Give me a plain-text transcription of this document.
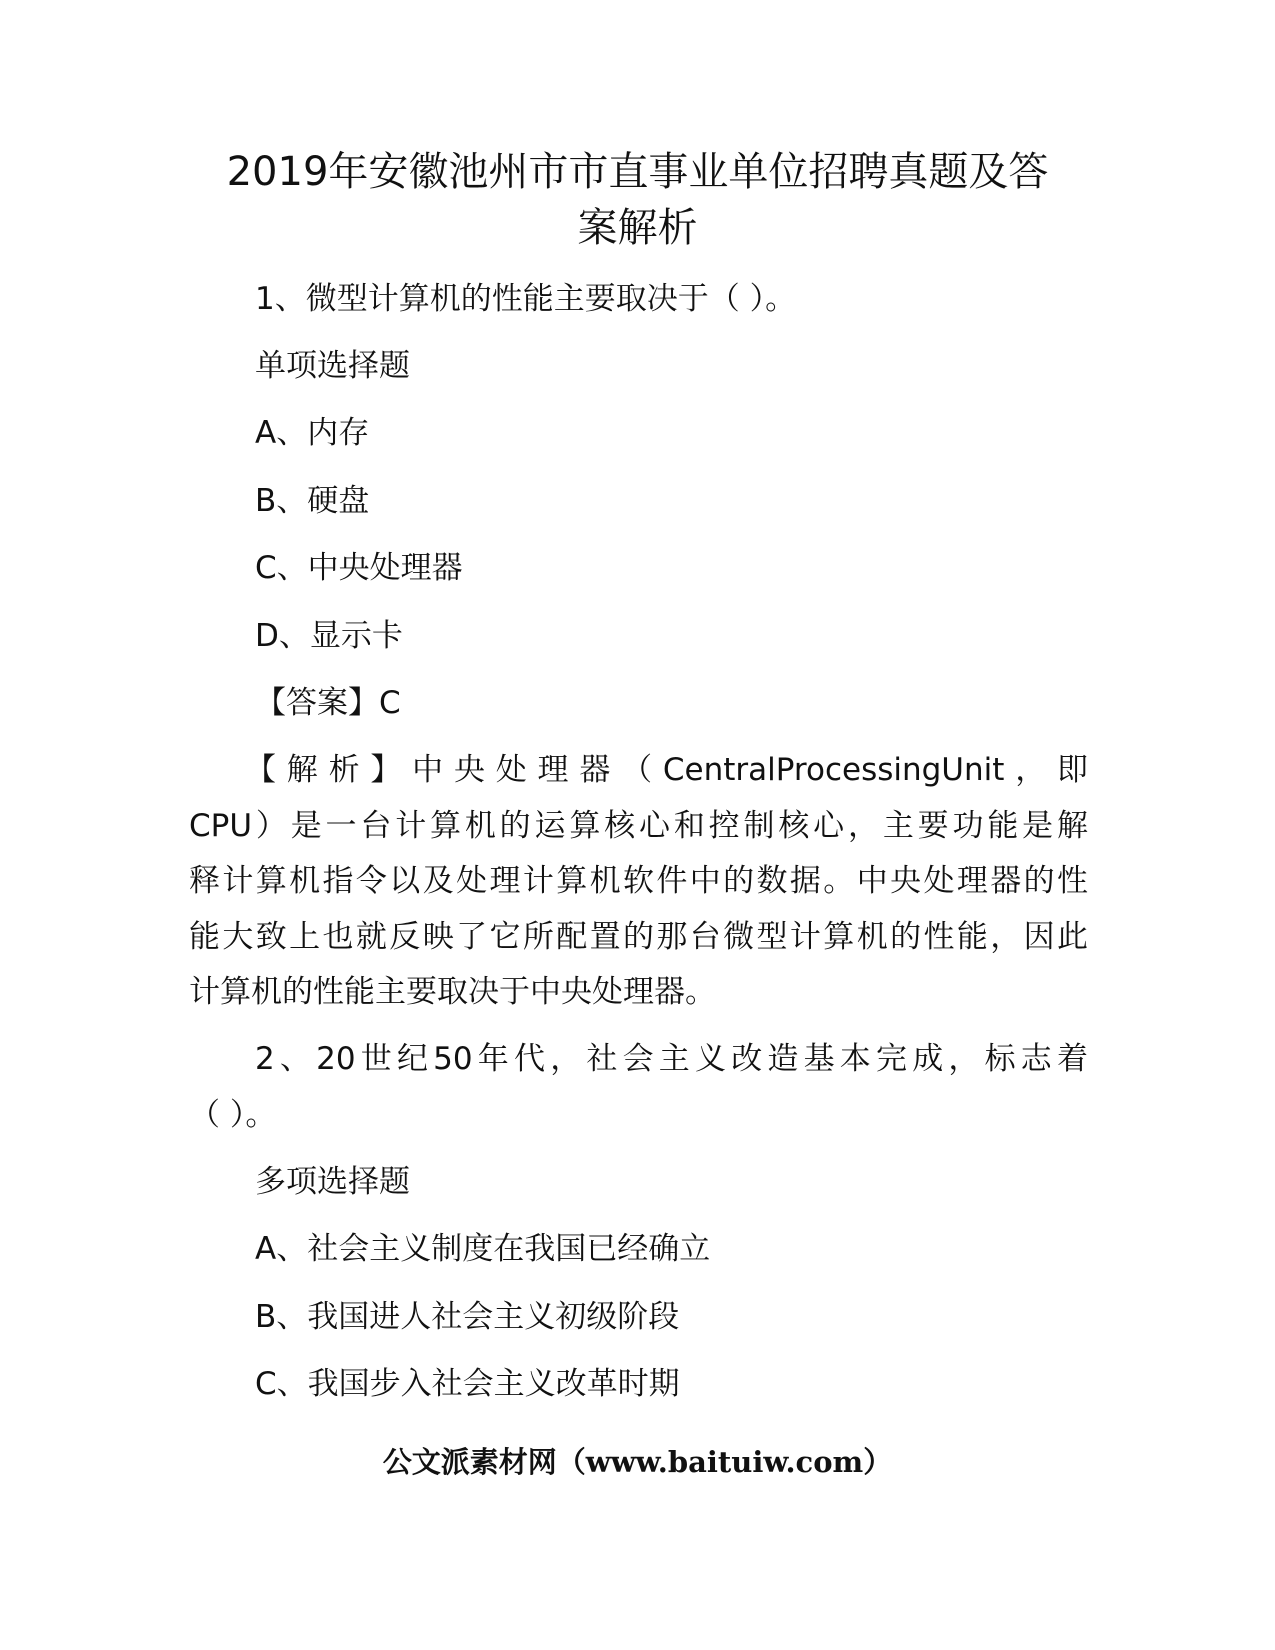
2019年安徽池州市市直事业单位招聘真题及答
案解析

1、微型计算机的性能主要取决于（ ）。

单项选择题

A、内存

B、硬盘

C、中央处理器

D、显示卡

【答案】C

【解析】中央处理器（CentralProcessingUnit，即

CPU）是一台计算机的运算核心和控制核心，主要功能是解

释计算机指令以及处理计算机软件中的数据。中央处理器的性

能大致上也就反映了它所配置的那台微型计算机的性能，因此

计算机的性能主要取决于中央处理器。

2、20世纪50年代，社会主义改造基本完成，标志着

（ ）。

多项选择题

A、社会主义制度在我国已经确立

B、我国进人社会主义初级阶段

C、我国步入社会主义改革时期

公文派素材网（www.baituiw.com）
